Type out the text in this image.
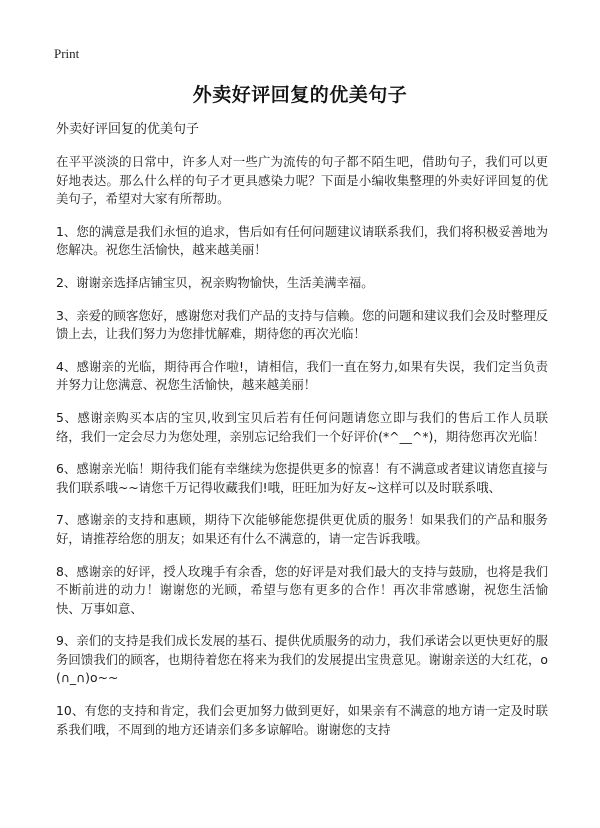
Print
外卖好评回复的优美句子

外卖好评回复的优美句子

在平平淡淡的日常中，许多人对一些广为流传的句子都不陌生吧，借助句子，我们可以更好地表达。那么什么样的句子才更具感染力呢？下面是小编收集整理的外卖好评回复的优美句子，希望对大家有所帮助。

1、您的满意是我们永恒的追求，售后如有任何问题建议请联系我们，我们将积极妥善地为您解决。祝您生活愉快，越来越美丽！

2、谢谢亲选择店铺宝贝，祝亲购物愉快，生活美满幸福。

3、亲爱的顾客您好，感谢您对我们产品的支持与信赖。您的问题和建议我们会及时整理反馈上去，让我们努力为您排忧解难，期待您的再次光临！

4、感谢亲的光临，期待再合作啦!，请相信，我们一直在努力,如果有失误，我们定当负责并努力让您满意、祝您生活愉快，越来越美丽！

5、感谢亲购买本店的宝贝,收到宝贝后若有任何问题请您立即与我们的售后工作人员联络，我们一定会尽力为您处理，亲别忘记给我们一个好评价(*^__^*)，期待您再次光临！

6、感谢亲光临！期待我们能有幸继续为您提供更多的惊喜！有不满意或者建议请您直接与我们联系哦~~请您千万记得收藏我们!哦，旺旺加为好友~这样可以及时联系哦、

7、感谢亲的支持和惠顾，期待下次能够能您提供更优质的服务！如果我们的产品和服务好，请推荐给您的朋友；如果还有什么不满意的，请一定告诉我哦。

8、感谢亲的好评，授人玫瑰手有余香，您的好评是对我们最大的支持与鼓励，也将是我们不断前进的动力！谢谢您的光顾，希望与您有更多的合作！再次非常感谢，祝您生活愉快、万事如意、

9、亲们的支持是我们成长发展的基石、提供优质服务的动力，我们承诺会以更快更好的服务回馈我们的顾客，也期待着您在将来为我们的发展提出宝贵意见。谢谢亲送的大红花，o(∩_∩)o~~

10、有您的支持和肯定，我们会更加努力做到更好，如果亲有不满意的地方请一定及时联系我们哦，不周到的地方还请亲们多多谅解哈。谢谢您的支持
